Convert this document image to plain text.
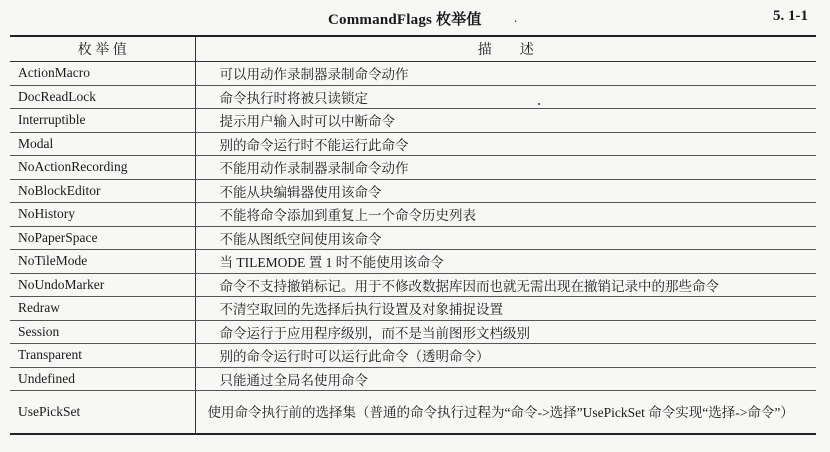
CommandFlags 枚举值 .	5. 1-1
枚 举 值	描        述
ActionMacro	可以用动作录制器录制命令动作
DocReadLock	命令执行时将被只读锁定
Interruptible	提示用户输入时可以中断命令
Modal	别的命令运行时不能运行此命令
NoActionRecording	不能用动作录制器录制命令动作
NoBlockEditor	不能从块编辑器使用该命令
NoHistory	不能将命令添加到重复上一个命令历史列表
NoPaperSpace	不能从图纸空间使用该命令
NoTileMode	当 TILEMODE 置 1 时不能使用该命令
NoUndoMarker	命令不支持撤销标记。用于不修改数据库因而也就无需出现在撤销记录中的那些命令
Redraw	不清空取回的先选择后执行设置及对象捕捉设置
Session	命令运行于应用程序级别，而不是当前图形文档级别
Transparent	别的命令运行时可以运行此命令（透明命令）
Undefined	只能通过全局名使用命令
UsePickSet	使用命令执行前的选择集（普通的命令执行过程为“命令->选择”UsePickSet 命令实现“选择->命令”）
